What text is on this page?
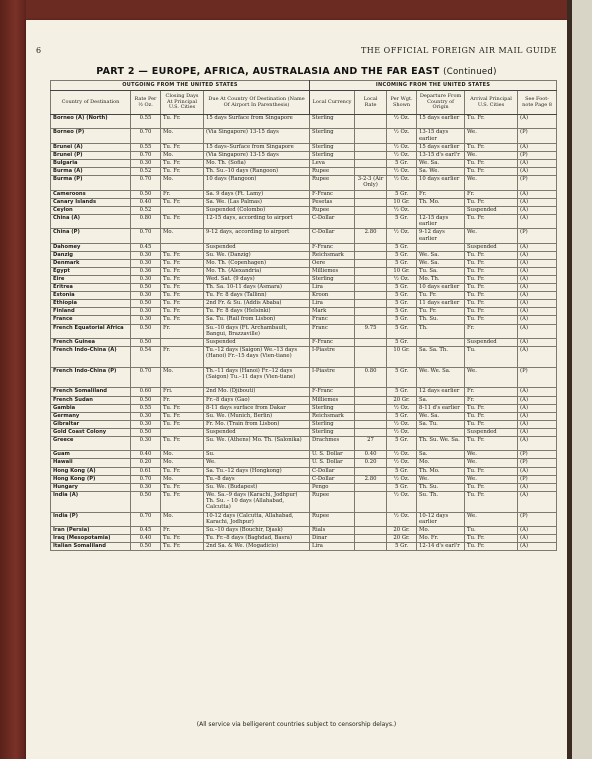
6	THE OFFICIAL FOREIGN AIR MAIL GUIDE
PART 2 — EUROPE, AFRICA, AUSTRALASIA AND THE FAR EAST (Continued)
OUTGOING FROM THE UNITED STATES				INCOMING FROM THE UNITED STATES					
Country of Destination	Rate Per ½ Oz.	Closing Days At Principal U.S. Cities	Due At Country Of Destination (Name Of Airport In Parenthesis)	Local Currency	Local Rate	Per Wgt. Shown	Departure From Country of Origin	Arrival Principal U.S. Cities	See Foot-note Page 8
Borneo (A) (North)	0.55	Tu. Fr.	15 days Surface from Singapore	Sterling		½ Oz.	15 days earlier	Tu. Fr.	(A)
Borneo (P)	0.70	Mo.	(Via Singapore) 13-15 days	Sterling		½ Oz.	13-15 days earlier	We.	(P)
Brunei (A)	0.55	Tu. Fr.	15 days–Surface from Singapore	Sterling		½ Oz.	15 days earlier	Tu. Fr.	(A)
Brunei (P)	0.70	Mo.	(Via Singapore) 13-15 days	Sterling		½ Oz.	13-15 d's earl'r	We.	(P)
Bulgaria	0.30	Tu. Fr.	Mo. Th. (Sofia)	Leva		5 Gr.	We. Sa.	Tu. Fr.	(A)
Burma (A)	0.52	Tu. Fr.	Th. Su.–10 days (Rangoon)	Rupee		½ Oz.	Sa. We.	Tu. Fr.	(A)
Burma (P)	0.70	Mo.	10 days (Rangoon)	Rupee	3-2-3 (Air Only)	½ Oz.	10 days earlier	We.	(P)
Cameroons	0.50	Fr.	Sa. 9 days (Ft. Lamy)	F-Franc		5 Gr.	Fr.	Fr.	(A)
Canary Islands	0.40	Tu. Fr.	Sa. We. (Las Palmas)	Pesetas		10 Gr.	Th. Mo.	Tu. Fr.	(A)
Ceylon	0.52		Suspended (Colombo)	Rupee		½ Oz.		Suspended	(A)
China (A)	0.80	Tu. Fr.	12-15 days, according to airport	C-Dollar		5 Gr.	12-15 days earlier	Tu. Fr.	(A)
China (P)	0.70	Mo.	9-12 days, according to airport	C-Dollar	2.80	½ Oz.	9-12 days earlier	We.	(P)
Dahomey	0.45		Suspended	F-Franc		5 Gr.		Suspended	(A)
Danzig	0.30	Tu. Fr.	Su. We. (Danzig)	Reichsmark		5 Gr.	We. Sa.	Tu. Fr.	(A)
Denmark	0.30	Tu. Fr.	Mo. Th. (Copenhagen)	Oere		5 Gr.	We. Sa.	Tu. Fr.	(A)
Egypt	0.36	Tu. Fr.	Mo. Th. (Alexandria)	Milliemes		10 Gr.	Tu. Sa.	Tu. Fr.	(A)
Eire	0.30	Tu. Fr.	Wed. Sat. (9 days)	Sterling		½ Oz.	Mo. Th.	Tu. Fr.	(A)
Eritrea	0.50	Tu. Fr.	Th. Sa. 10-11 days (Asmara)	Lira		5 Gr.	10 days earlier	Tu. Fr.	(A)
Estonia	0.30	Tu. Fr.	Tu. Fr. 8 days (Tallinn)	Kroon		5 Gr.	Tu. Fr.	Tu. Fr.	(A)
Ethiopia	0.50	Tu. Fr.	2nd Fr. & Su. (Addis Ababa)	Lira		5 Gr.	11 days earlier	Tu. Fr.	(A)
Finland	0.30	Tu. Fr.	Tu. Fr. 8 days (Helsinki)	Mark		5 Gr.	Tu. Fr.	Tu. Fr.	(A)
France	0.30	Tu. Fr.	Sa. Tu. (Rail from Lisbon)	Franc		5 Gr.	Th. Su.	Tu. Fr.	(A)
French Equatorial Africa	0.50	Fr.	Su.–10 days (Ft. Archambault, Bangui, Brazzaville)	Franc	9.75	5 Gr.	Th.	Fr.	(A)
French Guinea	0.50		Suspended	F-Franc		5 Gr.		Suspended	(A)
French Indo-China (A)	0.54	Fr.	Tu.–12 days (Saigon) We.–13 days (Hanoi) Fr.–15 days (Vien-tiane)	I-Piastre		10 Gr.	Sa. Sa. Th.	Tu.	(A)
French Indo-China (P)	0.70	Mo.	Th.–11 days (Hanoi) Fr.–12 days (Saigon) Tu.–11 days (Vien-tiane)	I-Piastre	0.80	5 Gr.	We. We. Sa.	We.	(P)
French Somaliland	0.60	Fri.	2nd Mo. (Djibouti)	F-Franc		5 Gr.	12 days earlier	Fr.	(A)
French Sudan	0.50	Fr.	Fr.–8 days (Gao)	Milliemes		20 Gr.	Sa.	Fr.	(A)
Gambia	0.55	Tu. Fr.	8-11 days surface from Dakar	Sterling		½ Oz.	8-11 d's earlier	Tu. Fr.	(A)
Germany	0.30	Tu. Fr.	Su. We. (Munich, Berlin)	Reichsmark		5 Gr.	We. Sa.	Tu. Fr.	(A)
Gibraltar	0.30	Tu. Fr.	Fr. Mo. (Train from Lisbon)	Sterling		½ Oz.	Sa. Tu.	Tu. Fr.	(A)
Gold Coast Colony	0.50		Suspended	Sterling		½ Oz.		Suspended	(A)
Greece	0.30	Tu. Fr.	Su. We. (Athens) Mo. Th. (Salonika)	Drachmes	27	5 Gr.	Th. Su. We. Sa.	Tu. Fr.	(A)
Guam	0.40	Mo.	Su.	U. S. Dollar	0.40	½ Oz.	Sa.	We.	(P)
Hawaii	0.20	Mo.	We.	U. S. Dollar	0.20	½ Oz.	Mo.	We.	(P)
Hong Kong (A)	0.61	Tu. Fr.	Sa. Tu.–12 days (Hongkong)	C-Dollar		5 Gr.	Th. Mo.	Tu. Fr.	(A)
Hong Kong (P)	0.70	Mo.	Tu.–8 days	C-Dollar	2.80	½ Oz.	We.	We.	(P)
Hungary	0.30	Tu. Fr.	Su. We. (Budapest)	Pengo		5 Gr.	Th. Su.	Tu. Fr.	(A)
India (A)	0.50	Tu. Fr.	We. Sa.–9 days (Karachi, Jodhpur) Th. Su. – 10 days (Allahabad, Calcutta)	Rupee		½ Oz.	Su. Th.	Tu. Fr.	(A)
India (P)	0.70	Mo.	10-12 days (Calcutta, Allahabad, Karachi, Jodhpur)	Rupee		½ Oz.	10-12 days earlier	We.	(P)
Iran (Persia)	0.45	Fr.	Su.–10 days (Bouchir, Djask)	Rials		20 Gr.	Mo.	Tu.	(A)
Iraq (Mesopotamia)	0.40	Tu. Fr.	Tu. Fr.–8 days (Baghdad, Basra)	Dinar		20 Gr.	Mo. Fr.	Tu. Fr.	(A)
Italian Somaliland	0.50	Tu. Fr.	2nd Sa. & We. (Mogadicio)	Lira		5 Gr.	12-14 d's earl'r	Tu. Fr.	(A)
(All service via belligerent countries subject to censorship delays.)
